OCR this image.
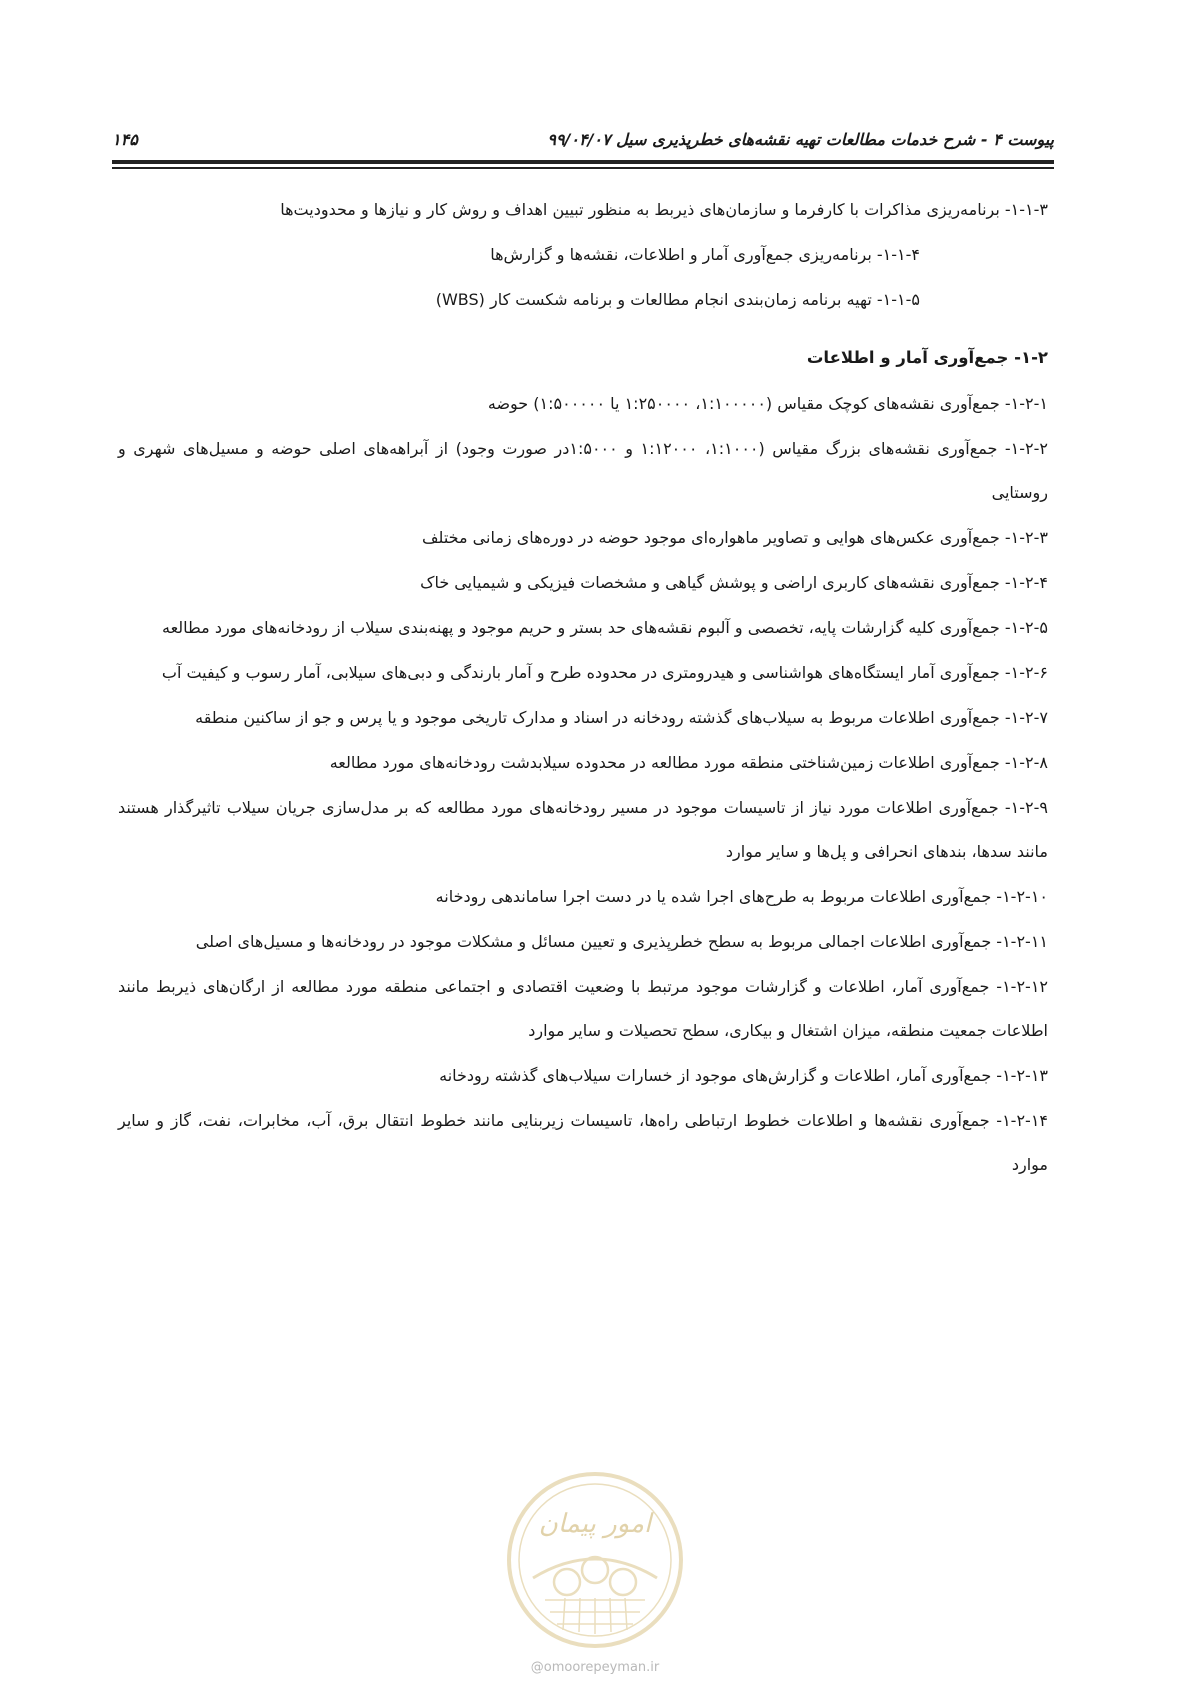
پیوست ۴ - شرح خدمات مطالعات تهیه نقشه‌های خطرپذیری سیل ۹۹/۰۴/۰۷
۱۴۵

۱-۱-۳- برنامه‌ریزی مذاکرات با کارفرما و سازمان‌های ذیربط به منظور تبیین اهداف و روش کار و نیازها و محدودیت‌ها

۱-۱-۴- برنامه‌ریزی جمع‌آوری آمار و اطلاعات، نقشه‌ها و گزارش‌ها

۱-۱-۵- تهیه برنامه زمان‌بندی انجام مطالعات و برنامه شکست کار (WBS)

۱-۲- جمع‌آوری آمار و اطلاعات

۱-۲-۱- جمع‌آوری نقشه‌های کوچک مقیاس (۱:۱۰۰۰۰۰، ۱:۲۵۰۰۰۰ یا ۱:۵۰۰۰۰۰) حوضه

۱-۲-۲- جمع‌آوری نقشه‌های بزرگ مقیاس (۱:۱۰۰۰، ۱:۱۲۰۰۰ و ۱:۵۰۰۰در صورت وجود) از آبراهه‌های اصلی حوضه و مسیل‌های شهری و روستایی

۱-۲-۳- جمع‌آوری عکس‌های هوایی و تصاویر ماهواره‌ای موجود حوضه در دوره‌های زمانی مختلف

۱-۲-۴- جمع‌آوری نقشه‌های کاربری اراضی و پوشش گیاهی و مشخصات فیزیکی و شیمیایی خاک

۱-۲-۵- جمع‌آوری کلیه گزارشات پایه، تخصصی و آلبوم نقشه‌های حد بستر و حریم موجود و پهنه‌بندی سیلاب از رودخانه‌های مورد مطالعه

۱-۲-۶- جمع‌آوری آمار ایستگاه‌های هواشناسی و هیدرومتری در محدوده طرح و آمار بارندگی و دبی‌های سیلابی، آمار رسوب و کیفیت آب

۱-۲-۷- جمع‌آوری اطلاعات مربوط به سیلاب‌های گذشته رودخانه در اسناد و مدارک تاریخی موجود و یا پرس و جو از ساکنین منطقه

۱-۲-۸- جمع‌آوری اطلاعات زمین‌شناختی منطقه مورد مطالعه در محدوده سیلابدشت رودخانه‌های مورد مطالعه

۱-۲-۹- جمع‌آوری اطلاعات مورد نیاز از تاسیسات موجود در مسیر رودخانه‌های مورد مطالعه که بر مدل‌سازی جریان سیلاب تاثیرگذار هستند مانند سدها، بندهای انحرافی و پل‌ها و سایر موارد

۱-۲-۱۰- جمع‌آوری اطلاعات مربوط به طرح‌های اجرا شده یا در دست اجرا ساماندهی رودخانه

۱-۲-۱۱- جمع‌آوری اطلاعات اجمالی مربوط به سطح خطرپذیری و تعیین مسائل و مشکلات موجود در رودخانه‌ها و مسیل‌های اصلی

۱-۲-۱۲- جمع‌آوری آمار، اطلاعات و گزارشات موجود مرتبط با وضعیت اقتصادی و اجتماعی منطقه مورد مطالعه از ارگان‌های ذیربط مانند اطلاعات جمعیت منطقه، میزان اشتغال و بیکاری، سطح تحصیلات و سایر موارد

۱-۲-۱۳- جمع‌آوری آمار، اطلاعات و گزارش‌های موجود از خسارات سیلاب‌های گذشته رودخانه

۱-۲-۱۴- جمع‌آوری نقشه‌ها و اطلاعات خطوط ارتباطی راه‌ها، تاسیسات زیربنایی مانند خطوط انتقال برق، آب، مخابرات، نفت، گاز و سایر موارد

امور پیمان
@omoorepeyman.ir
